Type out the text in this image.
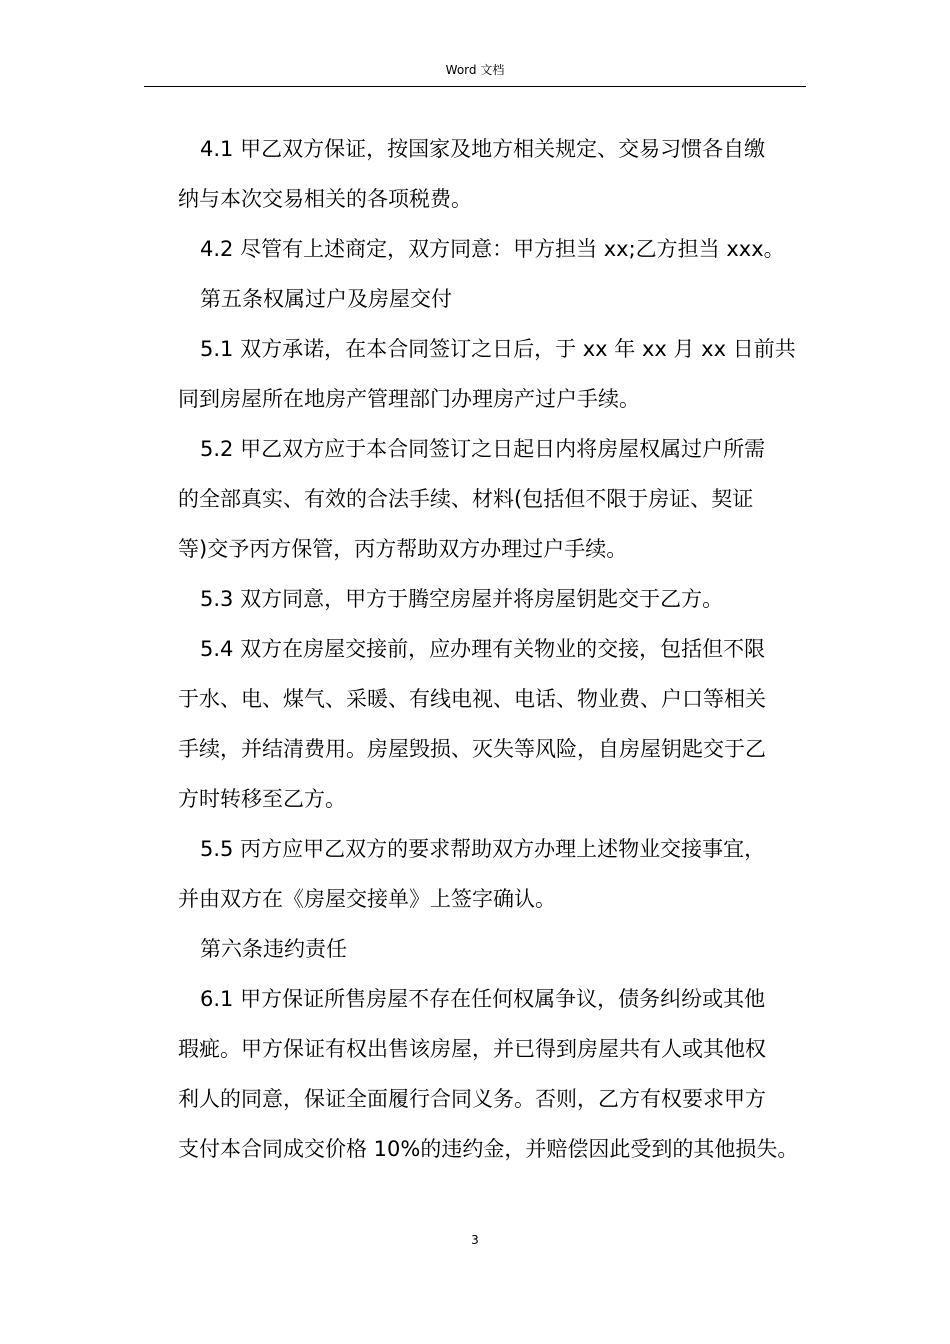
Word 文档
4.1 甲乙双方保证，按国家及地方相关规定、交易习惯各自缴
纳与本次交易相关的各项税费。
4.2 尽管有上述商定，双方同意：甲方担当 xx;乙方担当 xxx。
第五条权属过户及房屋交付
5.1 双方承诺，在本合同签订之日后，于 xx 年 xx 月 xx 日前共
同到房屋所在地房产管理部门办理房产过户手续。
5.2 甲乙双方应于本合同签订之日起日内将房屋权属过户所需
的全部真实、有效的合法手续、材料(包括但不限于房证、契证
等)交予丙方保管，丙方帮助双方办理过户手续。
5.3 双方同意，甲方于腾空房屋并将房屋钥匙交于乙方。
5.4 双方在房屋交接前，应办理有关物业的交接，包括但不限
于水、电、煤气、采暖、有线电视、电话、物业费、户口等相关
手续，并结清费用。房屋毁损、灭失等风险，自房屋钥匙交于乙
方时转移至乙方。
5.5 丙方应甲乙双方的要求帮助双方办理上述物业交接事宜，
并由双方在《房屋交接单》上签字确认。
第六条违约责任
6.1 甲方保证所售房屋不存在任何权属争议，债务纠纷或其他
瑕疵。甲方保证有权出售该房屋，并已得到房屋共有人或其他权
利人的同意，保证全面履行合同义务。否则，乙方有权要求甲方
支付本合同成交价格 10%的违约金，并赔偿因此受到的其他损失。
3
